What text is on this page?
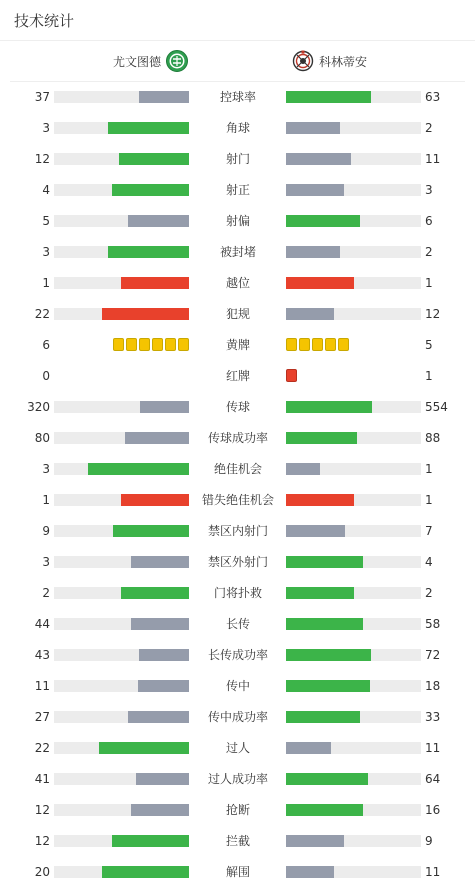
技术统计
尤文图德	科林蒂安
37	控球率	63
3	角球	2
12	射门	11
4	射正	3
5	射偏	6
3	被封堵	2
1	越位	1
22	犯规	12
6	黄牌	5
0	红牌	1
320	传球	554
80	传球成功率	88
3	绝佳机会	1
1	错失绝佳机会	1
9	禁区内射门	7
3	禁区外射门	4
2	门将扑救	2
44	长传	58
43	长传成功率	72
11	传中	18
27	传中成功率	33
22	过人	11
41	过人成功率	64
12	抢断	16
12	拦截	9
20	解围	11
